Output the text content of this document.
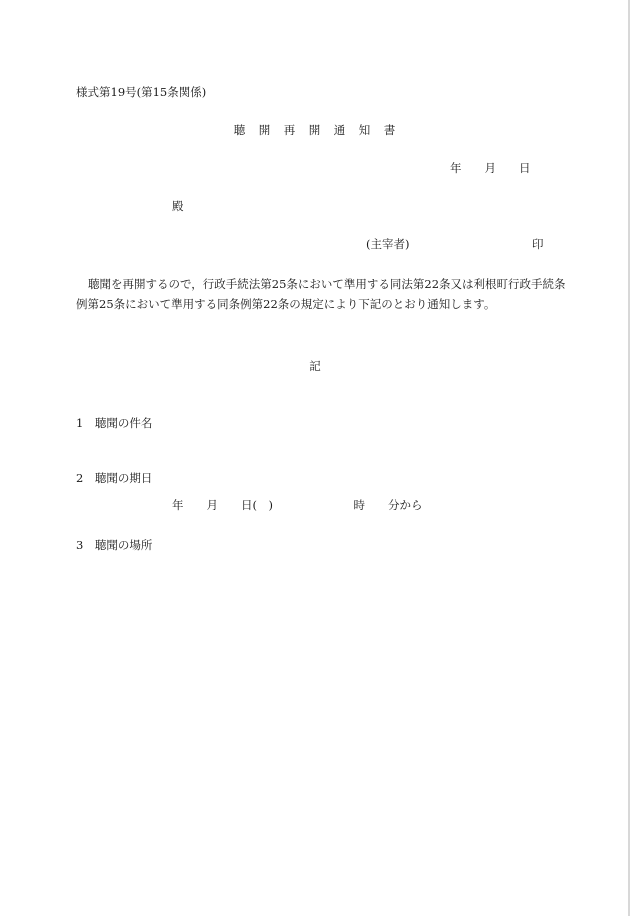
様式第19号(第15条関係)
聴　開　再　開　通　知　書
年　　月　　日
殿
(主宰者)	印
聴聞を再開するので，行政手続法第25条において準用する同法第22条又は利根町行政手続条例第25条において準用する同条例第22条の規定により下記のとおり通知します。
記
1　聴聞の件名
2　聴聞の期日
年　　月　　日(　)　　　　　　　時　　分から
3　聴聞の場所
